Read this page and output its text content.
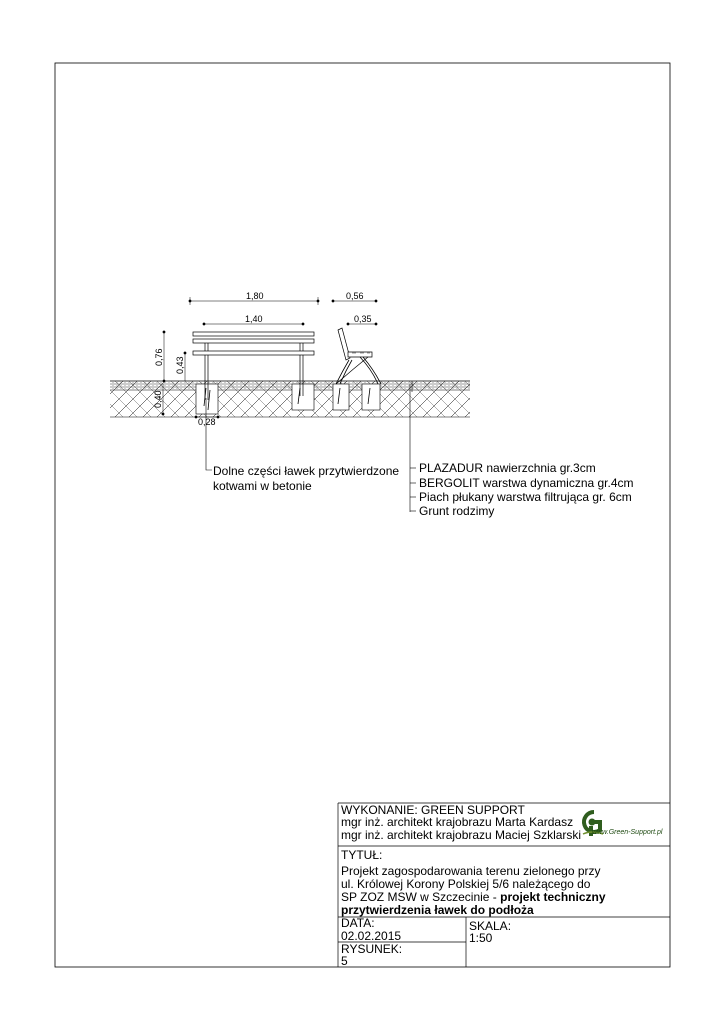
1,80
1,40
0,56
0,35
0,76 0,43
0,40
0,28
Dolne części ławek przytwierdzone
kotwami w betonie
PLAZADUR nawierzchnia gr.3cm
BERGOLIT warstwa dynamiczna gr.4cm
Piach płukany warstwa filtrująca gr. 6cm
Grunt rodzimy
www.Green-Support.pl
WYKONANIE: GREEN SUPPORT
mgr inż. architekt krajobrazu Marta Kardasz
mgr inż. architekt krajobrazu Maciej Szklarski
TYTUŁ:
Projekt zagospodarowania terenu zielonego przy
ul. Królowej Korony Polskiej 5/6 należącego do
SP ZOZ MSW w Szczecinie - projekt techniczny
przytwierdzenia ławek do podłoża
DATA:
02.02.2015
SKALA:
1:50
RYSUNEK:
5
